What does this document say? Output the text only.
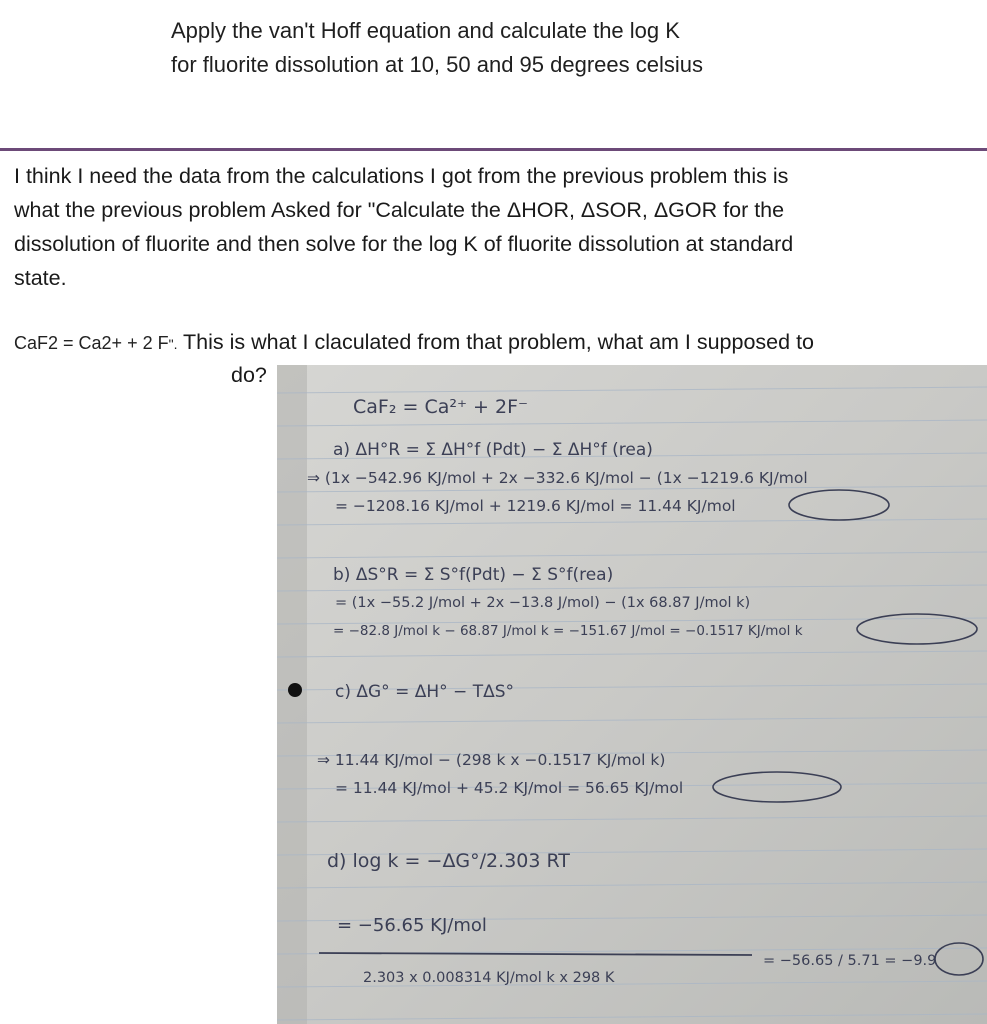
Apply the van't Hoff equation and calculate the log K
for fluorite dissolution at 10, 50 and 95 degrees celsius
I think I need the data from the calculations I got from the previous problem this is
what the previous problem Asked for "Calculate the ΔHOR, ΔSOR, ΔGOR for the
dissolution of fluorite and then solve for the log K of fluorite dissolution at standard
state.
CaF2 = Ca2+ + 2 F". This is what I claculated from that problem, what am I supposed to
do?
CaF₂ = Ca²⁺ + 2F⁻
a) ΔH°R = Σ ΔH°f (Pdt) − Σ ΔH°f (rea)
⇒ (1x −542.96 KJ/mol + 2x −332.6 KJ/mol − (1x −1219.6 KJ/mol
= −1208.16 KJ/mol + 1219.6 KJ/mol = 11.44 KJ/mol
b) ΔS°R = Σ S°f(Pdt) − Σ S°f(rea)
= (1x −55.2 J/mol + 2x −13.8 J/mol) − (1x 68.87 J/mol k)
= −82.8 J/mol k − 68.87 J/mol k = −151.67 J/mol = −0.1517 KJ/mol k
c) ΔG° = ΔH° − TΔS°
⇒ 11.44 KJ/mol − (298 k x −0.1517 KJ/mol k)
= 11.44 KJ/mol + 45.2 KJ/mol = 56.65 KJ/mol
d) log k = −ΔG°/2.303 RT
= −56.65 KJ/mol
2.303 x 0.008314 KJ/mol k x 298 K
= −56.65 / 5.71 = −9.9
